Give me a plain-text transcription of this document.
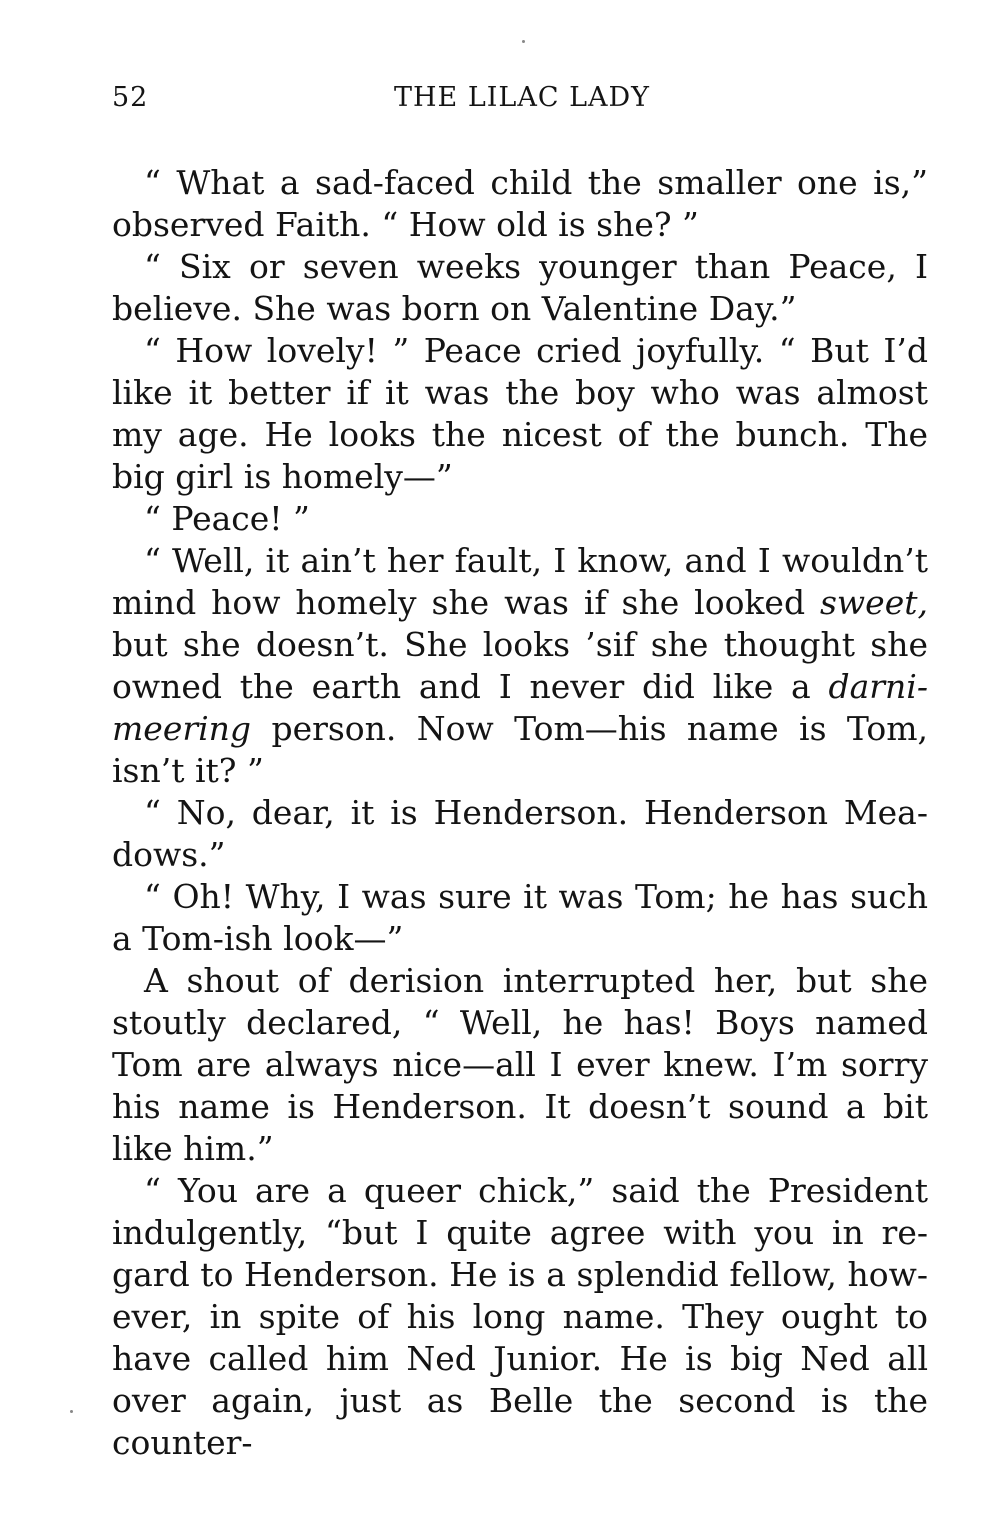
52	THE LILAC LADY

“ What a sad-faced child the smaller one is,” observed Faith. “ How old is she? ”

“ Six or seven weeks younger than Peace, I believe. She was born on Valentine Day.”

“ How lovely! ” Peace cried joyfully. “ But I’d like it better if it was the boy who was almost my age. He looks the nicest of the bunch. The big girl is homely—”

“ Peace! ”

“ Well, it ain’t her fault, I know, and I wouldn’t mind how homely she was if she looked sweet, but she doesn’t. She looks ’sif she thought she owned the earth and I never did like a darni-meering person. Now Tom—his name is Tom, isn’t it? ”

“ No, dear, it is Henderson. Henderson Mea-dows.”

“ Oh! Why, I was sure it was Tom; he has such a Tom-ish look—”

A shout of derision interrupted her, but she stoutly declared, “ Well, he has! Boys named Tom are always nice—all I ever knew. I’m sorry his name is Henderson. It doesn’t sound a bit like him.”

“ You are a queer chick,” said the President indulgently, “but I quite agree with you in re-gard to Henderson. He is a splendid fellow, how-ever, in spite of his long name. They ought to have called him Ned Junior. He is big Ned all over again, just as Belle the second is the counter-
